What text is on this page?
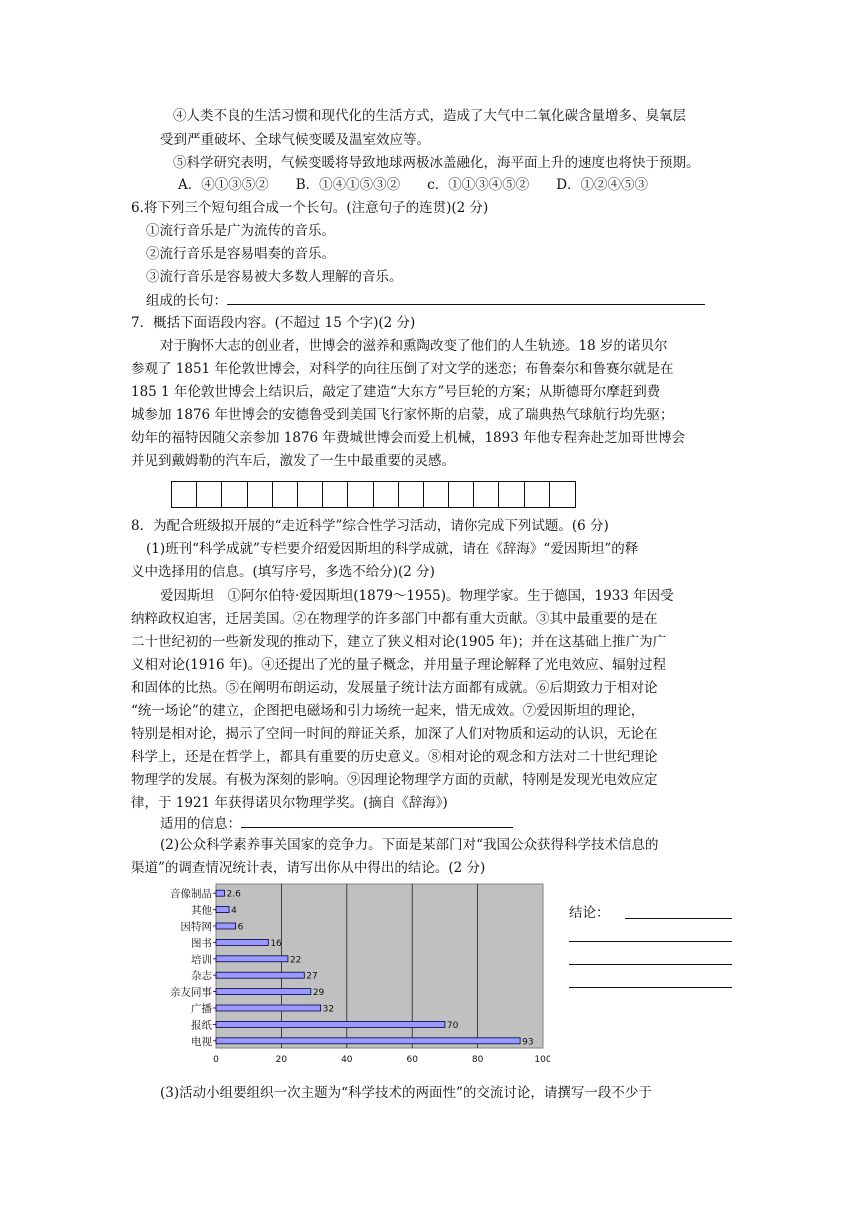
④人类不良的生活习惯和现代化的生活方式，造成了大气中二氧化碳含量增多、臭氧层
受到严重破坏、全球气候变暖及温室效应等。
⑤科学研究表明，气候变暖将导致地球两极冰盖融化，海平面上升的速度也将快于预期。
A．④①③⑤②　　B．①④①⑤③②　　c．①①③④⑤②　　D．①②④⑤③
6.将下列三个短句组合成一个长句。(注意句子的连贯)(2 分)
①流行音乐是广为流传的音乐。
②流行音乐是容易唱奏的音乐。
③流行音乐是容易被大多数人理解的音乐。
组成的长句：
7．概括下面语段内容。(不超过 15 个字)(2 分)
对于胸怀大志的创业者，世博会的滋养和熏陶改变了他们的人生轨迹。18 岁的诺贝尔
参观了 1851 年伦敦世博会，对科学的向往压倒了对文学的迷恋；布鲁秦尔和鲁赛尔就是在
185 1 年伦敦世博会上结识后，敲定了建造“大东方”号巨轮的方案；从斯德哥尔摩赶到费
城参加 1876 年世博会的安德鲁受到美国飞行家怀斯的启蒙，成了瑞典热气球航行均先驱；
幼年的福特因随父亲参加 1876 年费城世博会而爱上机械，1893 年他专程奔赴芝加哥世博会
并见到戴姆勒的汽车后，激发了一生中最重要的灵感。
8．为配合班级拟开展的“走近科学”综合性学习活动，请你完成下列试题。(6 分)
(1)班刊“科学成就”专栏要介绍爱因斯坦的科学成就，请在《辞海》“爱因斯坦”的释
义中选择用的信息。(填写序号，多选不给分)(2 分)
爱因斯坦　①阿尔伯特·爱因斯坦(1879～1955)。物理学家。生于德国，1933 年因受
纳粹政权迫害，迁居美国。②在物理学的许多部门中都有重大贡献。③其中最重要的是在
二十世纪初的一些新发现的推动下，建立了狭义相对论(1905 年)；并在这基础上推广为广
义相对论(1916 年)。④还提出了光的量子概念，并用量子理论解释了光电效应、辐射过程
和固体的比热。⑤在阐明布朗运动，发展量子统计法方面都有成就。⑥后期致力于相对论
“统一场论”的建立，企图把电磁场和引力场统一起来，惜无成效。⑦爱因斯坦的理论，
特别是相对论，揭示了空间一时间的辩证关系，加深了人们对物质和运动的认识，无论在
科学上，还是在哲学上，都具有重要的历史意义。⑧相对论的观念和方法对二十世纪理论
物理学的发展。有极为深刻的影响。⑨因理论物理学方面的贡献，特刚是发现光电效应定
律，于 1921 年获得诺贝尔物理学奖。(摘自《辞海》)
适用的信息：
(2)公众科学素养事关国家的竞争力。下面是某部门对“我国公众获得科学技术信息的
渠道”的调查情况统计表，请写出你从中得出的结论。(2 分)
0	20	40	60	80	100
音像制品 2.6
其他 4
因特网	6
图书	16
培训	22
杂志	27
亲友同事	29
广播	32
报纸	70
电视	93
结论：
(3)活动小组要组织一次主题为“科学技术的两面性”的交流讨论，请撰写一段不少于
